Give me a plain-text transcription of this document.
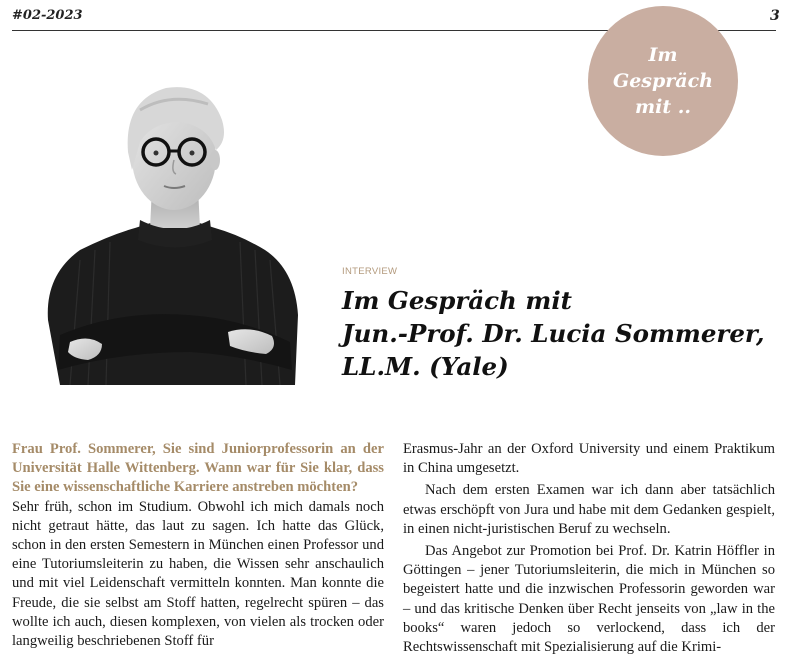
#02-2023	3
Im Gespräch mit ..
INTERVIEW
Im Gespräch mit
Jun.-Prof. Dr. Lucia Sommerer,
LL.M. (Yale)

Frau Prof. Sommerer, Sie sind Juniorprofessorin an der Universität Halle Wittenberg. Wann war für Sie klar, dass Sie eine wissenschaftliche Karriere anstreben möchten?

Sehr früh, schon im Studium. Obwohl ich mich damals noch nicht getraut hätte, das laut zu sagen. Ich hatte das Glück, schon in den ersten Semestern in München einen Professor und eine Tutoriumsleiterin zu haben, die Wissen sehr anschaulich und mit viel Leidenschaft vermitteln konnten. Man konnte die Freude, die sie selbst am Stoff hatten, regelrecht spüren – das wollte ich auch, diesen komplexen, von vielen als trocken oder langweilig beschriebenen Stoff für

Erasmus-Jahr an der Oxford University und einem Praktikum in China umgesetzt.

Nach dem ersten Examen war ich dann aber tatsächlich etwas erschöpft von Jura und habe mit dem Gedanken gespielt, in einen nicht-juristischen Beruf zu wechseln.

Das Angebot zur Promotion bei Prof. Dr. Katrin Höffler in Göttingen – jener Tutoriumsleiterin, die mich in München so begeistert hatte und die inzwischen Professorin geworden war – und das kritische Denken über Recht jenseits von „law in the books“ waren jedoch so verlockend, dass ich der Rechtswissenschaft mit Spezialisierung auf die Krimi-
